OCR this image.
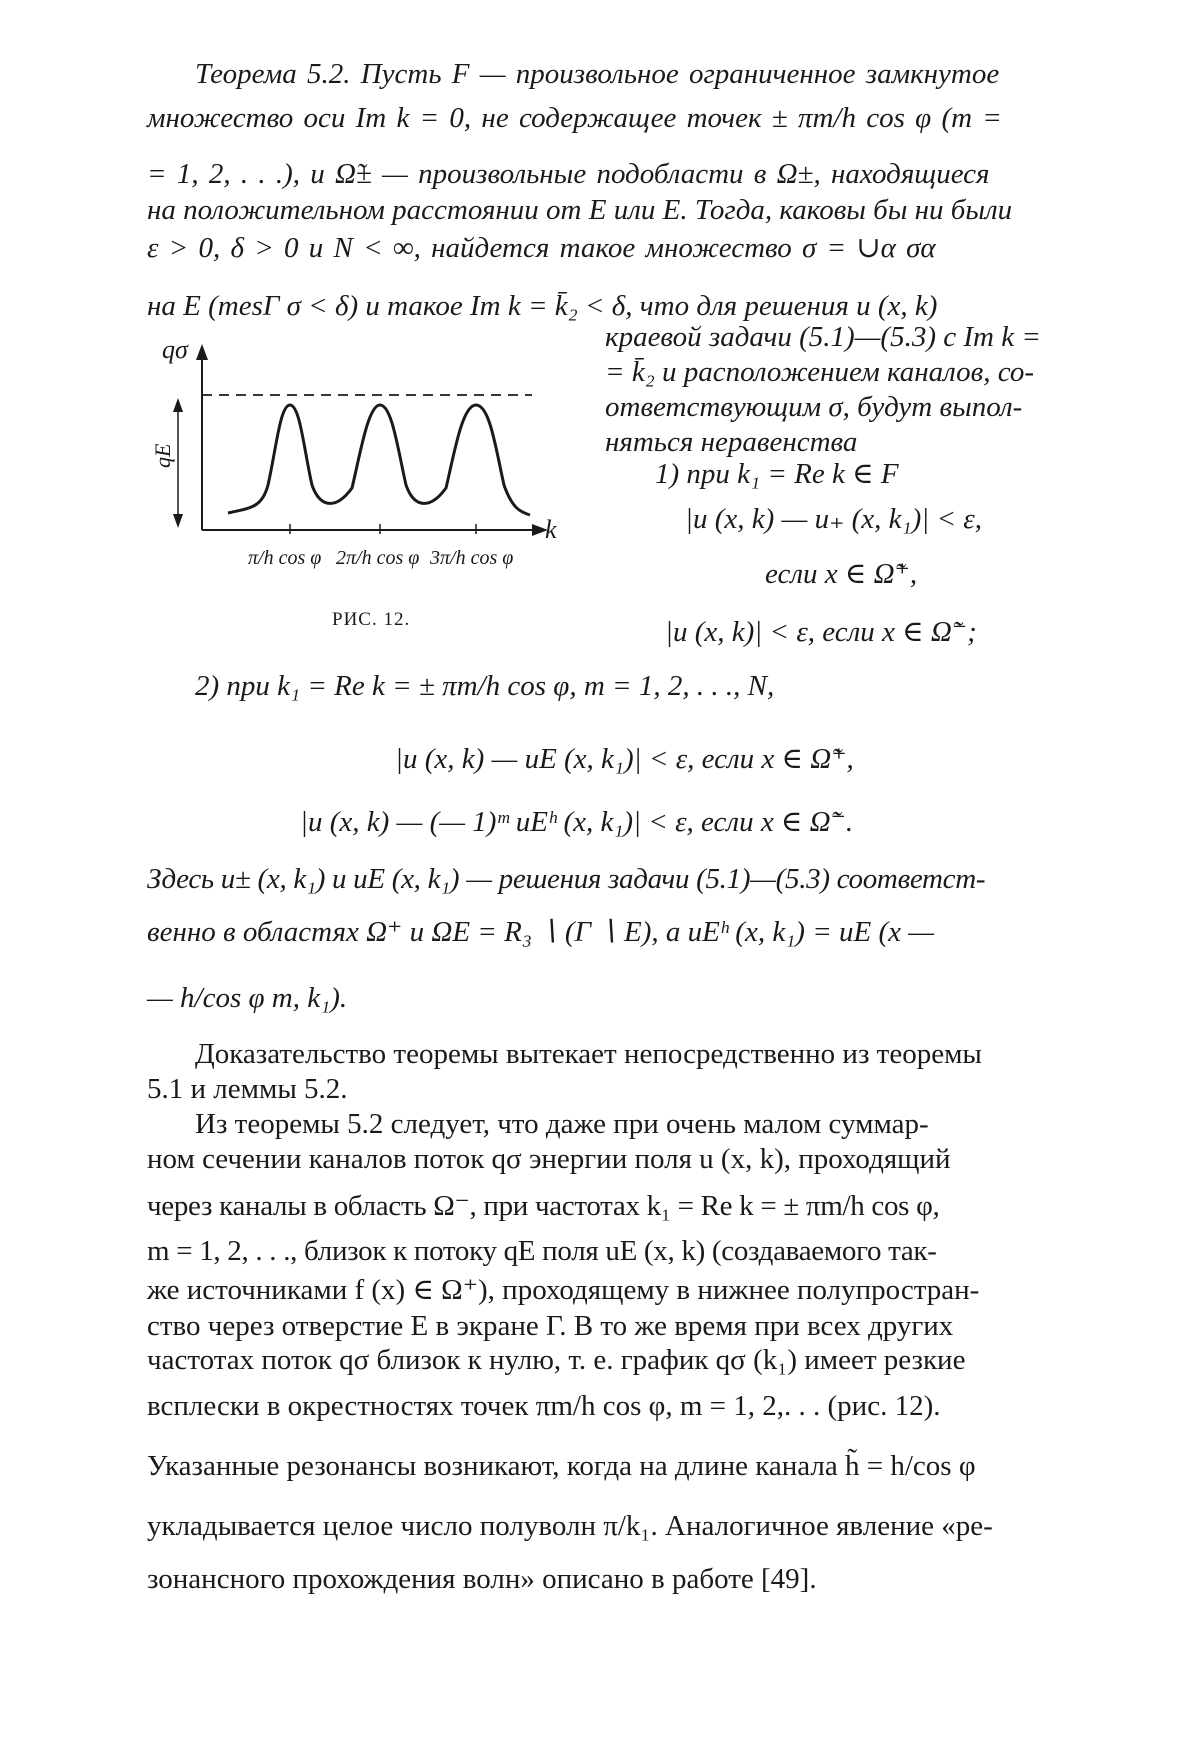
Теорема 5.2. Пусть F — произвольное ограниченное замкнутое
множество оси Im k = 0, не содержащее точек ± πm/h cos φ (m =
= 1, 2, . . .), и Ω̃± — произвольные подобласти в Ω±, находящиеся
на положительном расстоянии от E или E. Тогда, каковы бы ни были
ε > 0, δ > 0 и N < ∞, найдется такое множество σ = ∪α σα
на E (mesΓ σ < δ) и такое Im k = k̄₂ < δ, что для решения u (x, k)
краевой задачи (5.1)—(5.3) с Im k =
= k̄₂ и расположением каналов, со-
ответствующим σ, будут выпол-
няться неравенства
1) при k₁ = Re k ∈ F
|u (x, k) — u₊ (x, k₁)| < ε,
если x ∈ Ω̃⁺,
|u (x, k)| < ε, если x ∈ Ω̃⁻;
qσ
qE
k
π/h cos φ 2π/h cos φ 3π/h cos φ
РИС. 12.
2) при k₁ = Re k = ± πm/h cos φ, m = 1, 2, . . ., N,
|u (x, k) — uE (x, k₁)| < ε, если x ∈ Ω̃⁺,
|u (x, k) — (— 1)ᵐ uEʰ (x, k₁)| < ε, если x ∈ Ω̃⁻.
Здесь u± (x, k₁) и uE (x, k₁) — решения задачи (5.1)—(5.3) соответст-
венно в областях Ω⁺ и ΩE = R₃ ∖ (Γ ∖ E), а uEʰ (x, k₁) = uE (x —
— h/cos φ m, k₁).
Доказательство теоремы вытекает непосредственно из теоремы
5.1 и леммы 5.2.
Из теоремы 5.2 следует, что даже при очень малом суммар-
ном сечении каналов поток qσ энергии поля u (x, k), проходящий
через каналы в область Ω⁻, при частотах k₁ = Re k = ± πm/h cos φ,
m = 1, 2, . . ., близок к потоку qE поля uE (x, k) (создаваемого так-
же источниками f (x) ∈ Ω⁺), проходящему в нижнее полупростран-
ство через отверстие E в экране Γ. В то же время при всех других
частотах поток qσ близок к нулю, т. е. график qσ (k₁) имеет резкие
всплески в окрестностях точек πm/h cos φ, m = 1, 2,. . . (рис. 12).
Указанные резонансы возникают, когда на длине канала h̃ = h/cos φ
укладывается целое число полуволн π/k₁. Аналогичное явление «ре-
зонансного прохождения волн» описано в работе [49].
